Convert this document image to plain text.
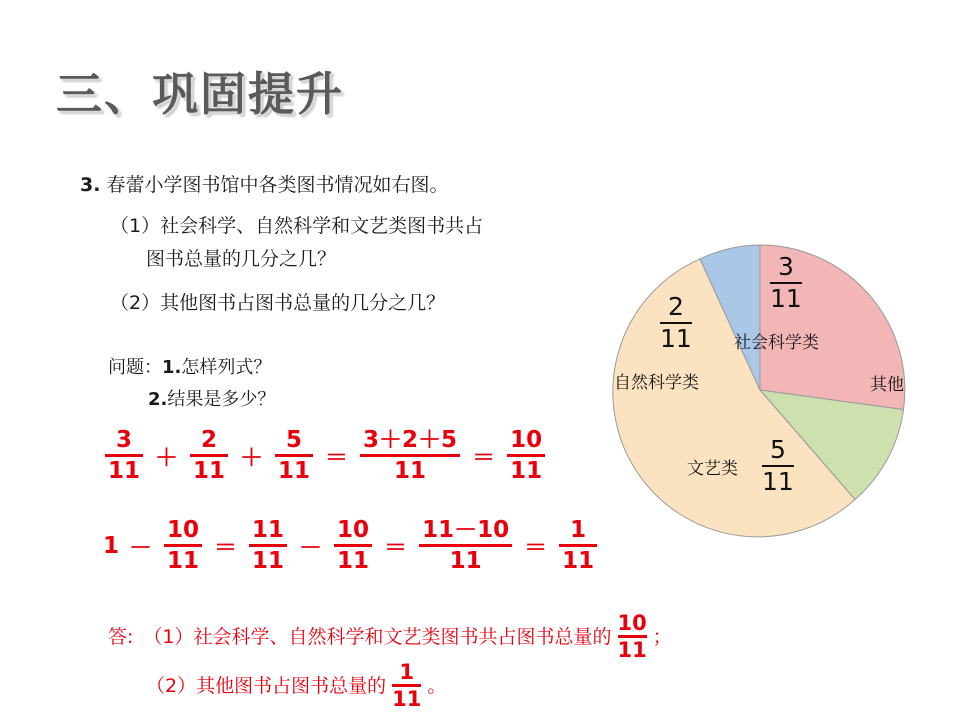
三、巩固提升
3. 春蕾小学图书馆中各类图书情况如右图。
（1）社会科学、自然科学和文艺类图书共占
图书总量的几分之几？
（2）其他图书占图书总量的几分之几？
问题：1.怎样列式？
2.结果是多少？
$\frac{3}{11} + \frac{2}{11} + \frac{5}{11} = \frac{3+2+5}{11} = \frac{10}{11}$
$1 - \frac{10}{11} = \frac{11}{11} - \frac{10}{11} = \frac{11-10}{11} = \frac{1}{11}$
答: （1） 社会科学、自然科学和文艺类图书共占图书总量的
10
11
；
（2） 其他图书占图书总量的
1
11
。
$\frac{3}{11}$
社会科学类
其他
$\frac{2}{11}$
自然科学类
文艺类 $\frac{5}{11}$
